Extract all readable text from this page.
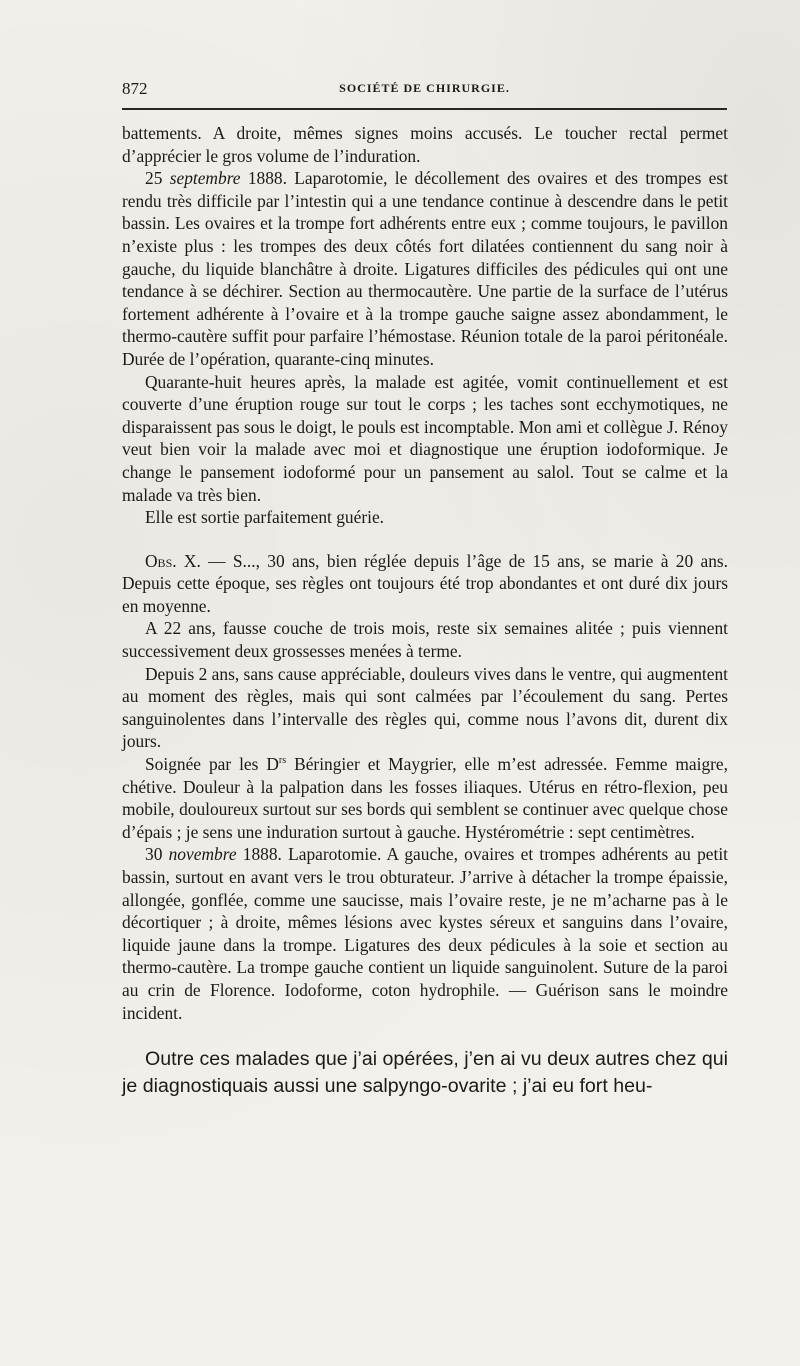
872	SOCIÉTÉ DE CHIRURGIE.

battements. A droite, mêmes signes moins accusés. Le toucher rectal permet d’apprécier le gros volume de l’induration.

25 septembre 1888. Laparotomie, le décollement des ovaires et des trompes est rendu très difficile par l’intestin qui a une tendance continue à descendre dans le petit bassin. Les ovaires et la trompe fort adhérents entre eux ; comme toujours, le pavillon n’existe plus : les trompes des deux côtés fort dilatées contiennent du sang noir à gauche, du liquide blanchâtre à droite. Ligatures difficiles des pédicules qui ont une tendance à se déchirer. Section au thermocautère. Une partie de la surface de l’utérus fortement adhérente à l’ovaire et à la trompe gauche saigne assez abondamment, le thermo-cautère suffit pour parfaire l’hémostase. Réunion totale de la paroi péritonéale. Durée de l’opération, quarante-cinq minutes.

Quarante-huit heures après, la malade est agitée, vomit continuellement et est couverte d’une éruption rouge sur tout le corps ; les taches sont ecchymotiques, ne disparaissent pas sous le doigt, le pouls est incomptable. Mon ami et collègue J. Rénoy veut bien voir la malade avec moi et diagnostique une éruption iodoformique. Je change le pansement iodoformé pour un pansement au salol. Tout se calme et la malade va très bien.

Elle est sortie parfaitement guérie.

Obs. X. — S..., 30 ans, bien réglée depuis l’âge de 15 ans, se marie à 20 ans. Depuis cette époque, ses règles ont toujours été trop abondantes et ont duré dix jours en moyenne.

A 22 ans, fausse couche de trois mois, reste six semaines alitée ; puis viennent successivement deux grossesses menées à terme.

Depuis 2 ans, sans cause appréciable, douleurs vives dans le ventre, qui augmentent au moment des règles, mais qui sont calmées par l’écoulement du sang. Pertes sanguinolentes dans l’intervalle des règles qui, comme nous l’avons dit, durent dix jours.

Soignée par les $D^{rs}$ Béringier et Maygrier, elle m’est adressée. Femme maigre, chétive. Douleur à la palpation dans les fosses iliaques. Utérus en rétro-flexion, peu mobile, douloureux surtout sur ses bords qui semblent se continuer avec quelque chose d’épais ; je sens une induration surtout à gauche. Hystérométrie : sept centimètres.

30 novembre 1888. Laparotomie. A gauche, ovaires et trompes adhérents au petit bassin, surtout en avant vers le trou obturateur. J’arrive à détacher la trompe épaissie, allongée, gonflée, comme une saucisse, mais l’ovaire reste, je ne m’acharne pas à le décortiquer ; à droite, mêmes lésions avec kystes séreux et sanguins dans l’ovaire, liquide jaune dans la trompe. Ligatures des deux pédicules à la soie et section au thermo-cautère. La trompe gauche contient un liquide sanguinolent. Suture de la paroi au crin de Florence. Iodoforme, coton hydrophile. — Guérison sans le moindre incident.

Outre ces malades que j’ai opérées, j’en ai vu deux autres chez qui je diagnostiquais aussi une salpyngo-ovarite ; j’ai eu fort heu-
